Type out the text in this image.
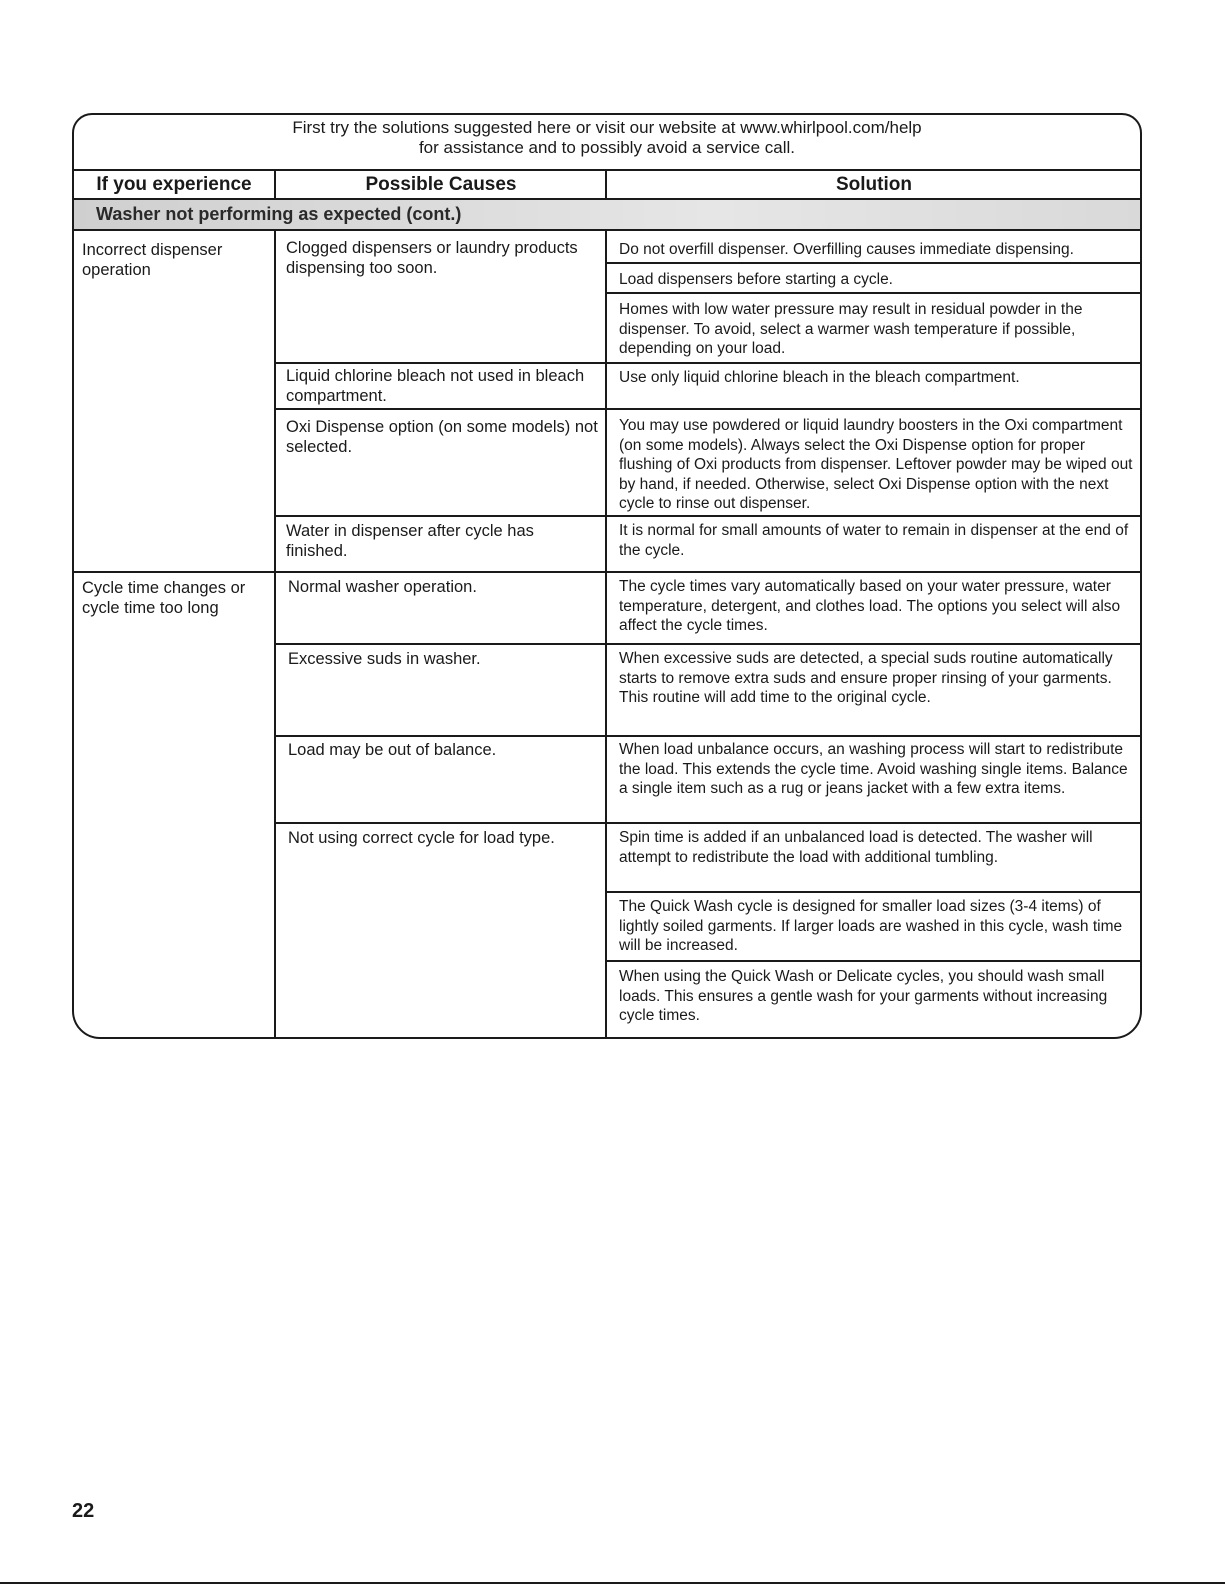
First try the solutions suggested here or visit our website at www.whirlpool.com/help
for assistance and to possibly avoid a service call.
If you experience	Possible Causes	Solution
Washer not performing as expected (cont.)
Incorrect dispenser operation
Cycle time changes or cycle time too long
Clogged dispensers or laundry products dispensing too soon.
Liquid chlorine bleach not used in bleach compartment.
Oxi Dispense option (on some models) not selected.
Water in dispenser after cycle has finished.
Normal washer operation.
Excessive suds in washer.
Load may be out of balance.
Not using correct cycle for load type.
Do not overfill dispenser. Overfilling causes immediate dispensing.
Load dispensers before starting a cycle.
Homes with low water pressure may result in residual powder in the dispenser. To avoid, select a warmer wash temperature if possible, depending on your load.
Use only liquid chlorine bleach in the bleach compartment.
You may use powdered or liquid laundry boosters in the Oxi compartment (on some models). Always select the Oxi Dispense option for proper flushing of Oxi products from dispenser. Leftover powder may be wiped out by hand, if needed. Otherwise, select Oxi Dispense option with the next cycle to rinse out dispenser.
It is normal for small amounts of water to remain in dispenser at the end of the cycle.
The cycle times vary automatically based on your water pressure, water temperature, detergent, and clothes load. The options you select will also affect the cycle times.
When excessive suds are detected, a special suds routine automatically starts to remove extra suds and ensure proper rinsing of your garments. This routine will add time to the original cycle.
When load unbalance occurs, an washing process will start to redistribute the load. This extends the cycle time. Avoid washing single items. Balance a single item such as a rug or jeans jacket with a few extra items.
Spin time is added if an unbalanced load is detected. The washer will attempt to redistribute the load with additional tumbling.
The Quick Wash cycle is designed for smaller load sizes (3-4 items) of lightly soiled garments. If larger loads are washed in this cycle, wash time will be increased.
When using the Quick Wash or Delicate cycles, you should wash small loads. This ensures a gentle wash for your garments without increasing cycle times.
22
